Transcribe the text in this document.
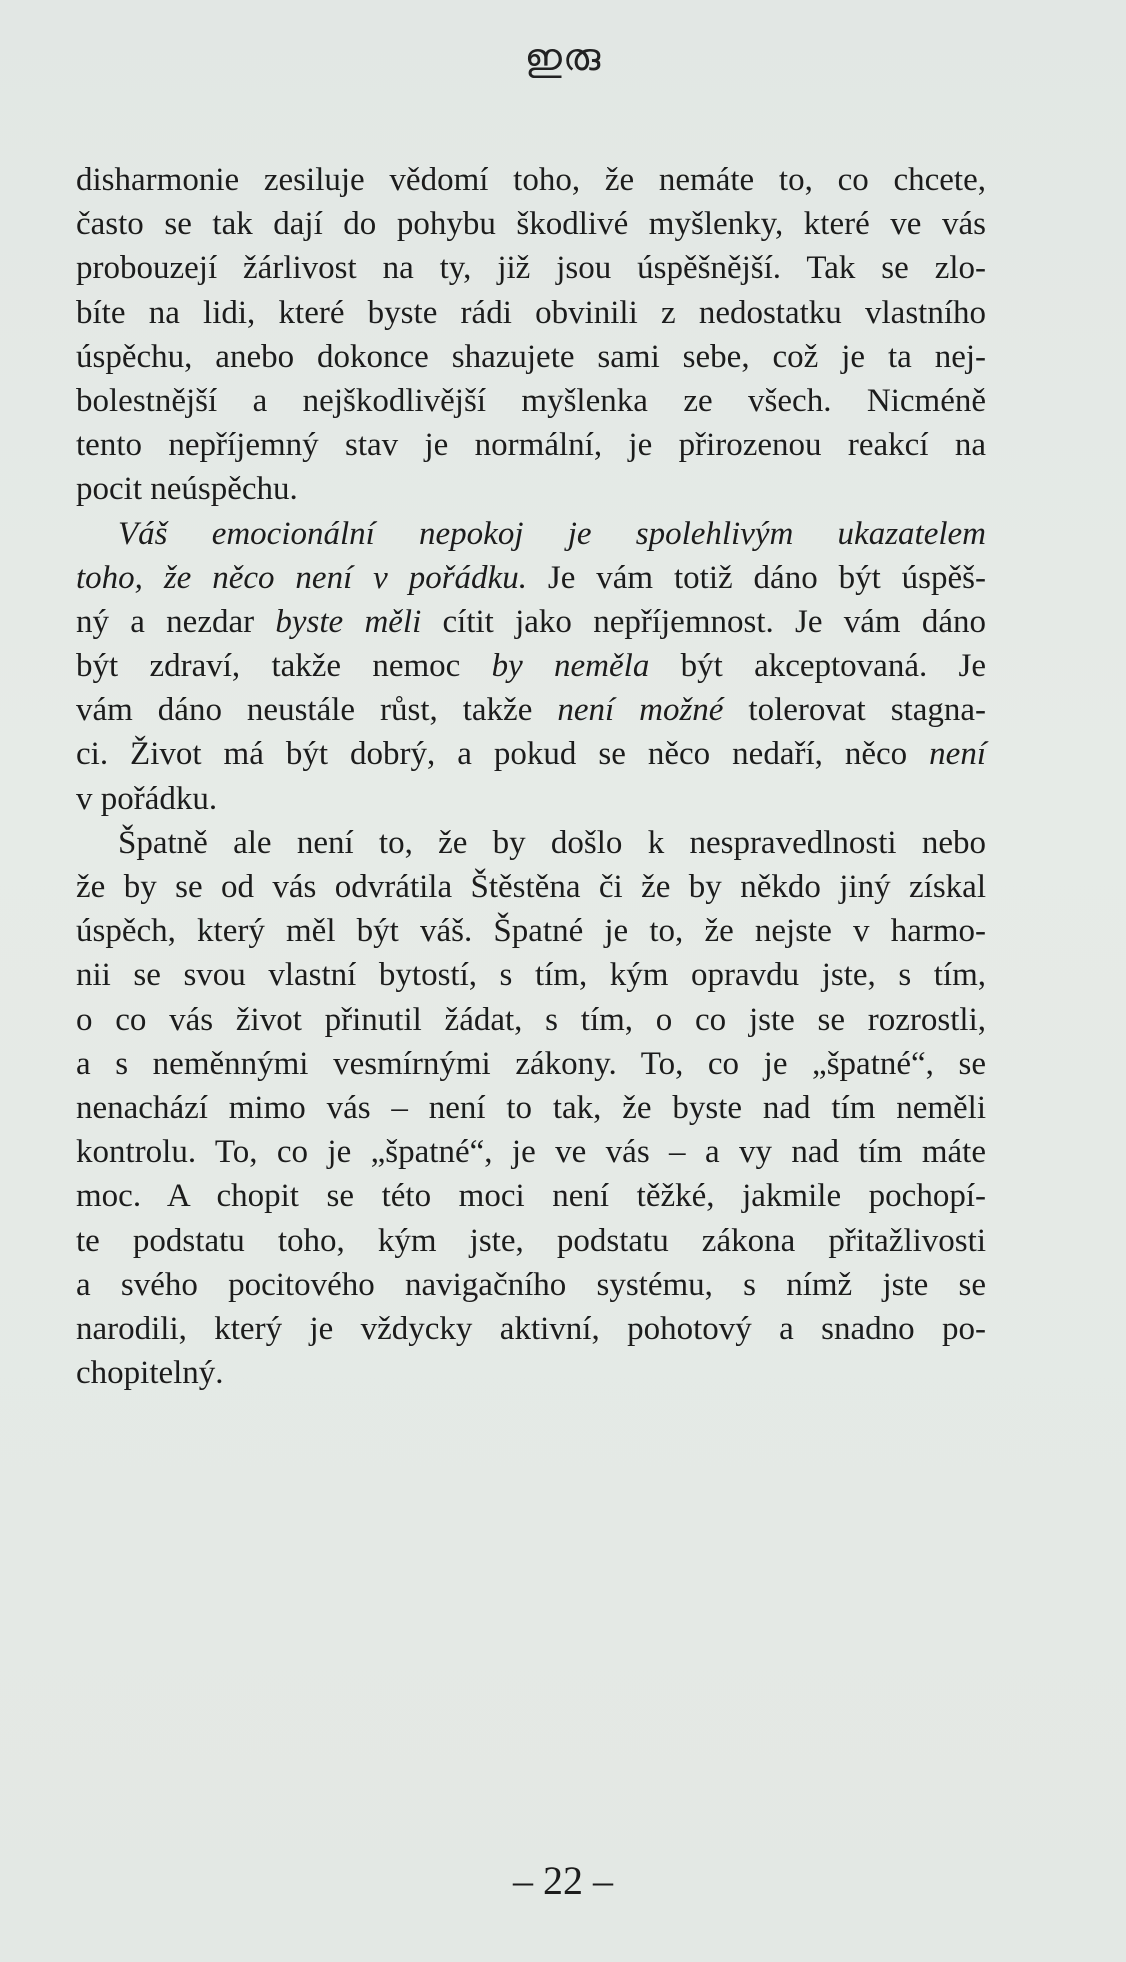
ഇരു
disharmonie zesiluje vědomí toho, že nemáte to, co chcete,
často se tak dají do pohybu škodlivé myšlenky, které ve vás
probouzejí žárlivost na ty, již jsou úspěšnější. Tak se zlo-
bíte na lidi, které byste rádi obvinili z nedostatku vlastního
úspěchu, anebo dokonce shazujete sami sebe, což je ta nej-
bolestnější a nejškodlivější myšlenka ze všech. Nicméně
tento nepříjemný stav je normální, je přirozenou reakcí na
pocit neúspěchu.
Váš emocionální nepokoj je spolehlivým ukazatelem
toho, že něco není v pořádku. Je vám totiž dáno být úspěš-
ný a nezdar byste měli cítit jako nepříjemnost. Je vám dáno
být zdraví, takže nemoc by neměla být akceptovaná. Je
vám dáno neustále růst, takže není možné tolerovat stagna-
ci. Život má být dobrý, a pokud se něco nedaří, něco není
v pořádku.
Špatně ale není to, že by došlo k nespravedlnosti nebo
že by se od vás odvrátila Štěstěna či že by někdo jiný získal
úspěch, který měl být váš. Špatné je to, že nejste v harmo-
nii se svou vlastní bytostí, s tím, kým opravdu jste, s tím,
o co vás život přinutil žádat, s tím, o co jste se rozrostli,
a s neměnnými vesmírnými zákony. To, co je „špatné“, se
nenachází mimo vás – není to tak, že byste nad tím neměli
kontrolu. To, co je „špatné“, je ve vás – a vy nad tím máte
moc. A chopit se této moci není těžké, jakmile pochopí-
te podstatu toho, kým jste, podstatu zákona přitažlivosti
a svého pocitového navigačního systému, s nímž jste se
narodili, který je vždycky aktivní, pohotový a snadno po-
chopitelný.
– 22 –
